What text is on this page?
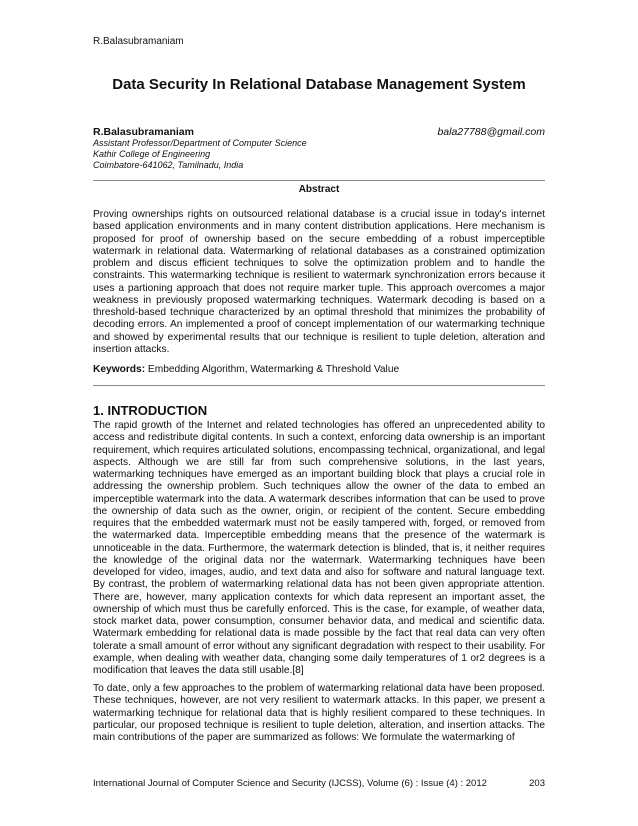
R.Balasubramaniam
Data Security In Relational Database Management System
R.Balasubramaniam	bala27788@gmail.com
Assistant Professor/Department of Computer Science
Kathir College of Engineering
Coimbatore-641062, Tamilnadu, India
Abstract
Proving ownerships rights on outsourced relational database is a crucial issue in today's internet based application environments and in many content distribution applications. Here mechanism is proposed for proof of ownership based on the secure embedding of a robust imperceptible watermark in relational data. Watermarking of relational databases as a constrained optimization problem and discus efficient techniques to solve the optimization problem and to handle the constraints. This watermarking technique is resilient to watermark synchronization errors because it uses a partioning approach that does not require marker tuple. This approach overcomes a major weakness in previously proposed watermarking techniques. Watermark decoding is based on a threshold-based technique characterized by an optimal threshold that minimizes the probability of decoding errors. An implemented a proof of concept implementation of our watermarking technique and showed by experimental results that our technique is resilient to tuple deletion, alteration and insertion attacks.
Keywords: Embedding Algorithm, Watermarking & Threshold Value
1. INTRODUCTION
The rapid growth of the Internet and related technologies has offered an unprecedented ability to access and redistribute digital contents. In such a context, enforcing data ownership is an important requirement, which requires articulated solutions, encompassing technical, organizational, and legal aspects. Although we are still far from such comprehensive solutions, in the last years, watermarking techniques have emerged as an important building block that plays a crucial role in addressing the ownership problem. Such techniques allow the owner of the data to embed an imperceptible watermark into the data. A watermark describes information that can be used to prove the ownership of data such as the owner, origin, or recipient of the content. Secure embedding requires that the embedded watermark must not be easily tampered with, forged, or removed from the watermarked data. Imperceptible embedding means that the presence of the watermark is unnoticeable in the data. Furthermore, the watermark detection is blinded, that is, it neither requires the knowledge of the original data nor the watermark. Watermarking techniques have been developed for video, images, audio, and text data and also for software and natural language text. By contrast, the problem of watermarking relational data has not been given appropriate attention. There are, however, many application contexts for which data represent an important asset, the ownership of which must thus be carefully enforced. This is the case, for example, of weather data, stock market data, power consumption, consumer behavior data, and medical and scientific data. Watermark embedding for relational data is made possible by the fact that real data can very often tolerate a small amount of error without any significant degradation with respect to their usability. For example, when dealing with weather data, changing some daily temperatures of 1 or2 degrees is a modification that leaves the data still usable.[8]
To date, only a few approaches to the problem of watermarking relational data have been proposed. These techniques, however, are not very resilient to watermark attacks. In this paper, we present a watermarking technique for relational data that is highly resilient compared to these techniques. In particular, our proposed technique is resilient to tuple deletion, alteration, and insertion attacks. The main contributions of the paper are summarized as follows: We formulate the watermarking of
International Journal of Computer Science and Security (IJCSS), Volume (6) : Issue (4) : 2012	203
